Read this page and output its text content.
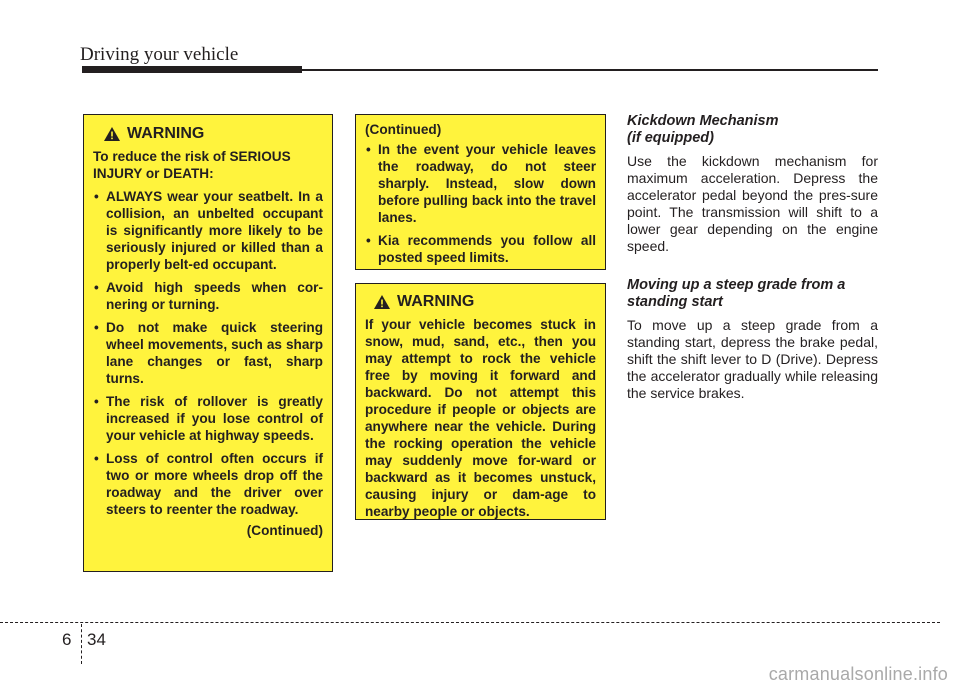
Driving your vehicle
WARNING

To reduce the risk of SERIOUS INJURY or DEATH:

• ALWAYS wear your seatbelt. In a collision, an unbelted occupant is significantly more likely to be seriously injured or killed than a properly belt-ed occupant.
• Avoid high speeds when cor-nering or turning.
• Do not make quick steering wheel movements, such as sharp lane changes or fast, sharp turns.
• The risk of rollover is greatly increased if you lose control of your vehicle at highway speeds.
• Loss of control often occurs if two or more wheels drop off the roadway and the driver over steers to reenter the roadway.
(Continued)
(Continued)
• In the event your vehicle leaves the roadway, do not steer sharply. Instead, slow down before pulling back into the travel lanes.
• Kia recommends you follow all posted speed limits.
WARNING

If your vehicle becomes stuck in snow, mud, sand, etc., then you may attempt to rock the vehicle free by moving it forward and backward. Do not attempt this procedure if people or objects are anywhere near the vehicle. During the rocking operation the vehicle may suddenly move for-ward or backward as it becomes unstuck, causing injury or dam-age to nearby people or objects.

Kickdown Mechanism
(if equipped)

Use the kickdown mechanism for maximum acceleration. Depress the accelerator pedal beyond the pres-sure point. The transmission will shift to a lower gear depending on the engine speed.

Moving up a steep grade from a standing start

To move up a steep grade from a standing start, depress the brake pedal, shift the shift lever to D (Drive). Depress the accelerator gradually while releasing the service brakes.

6 34
carmanualsonline.info
